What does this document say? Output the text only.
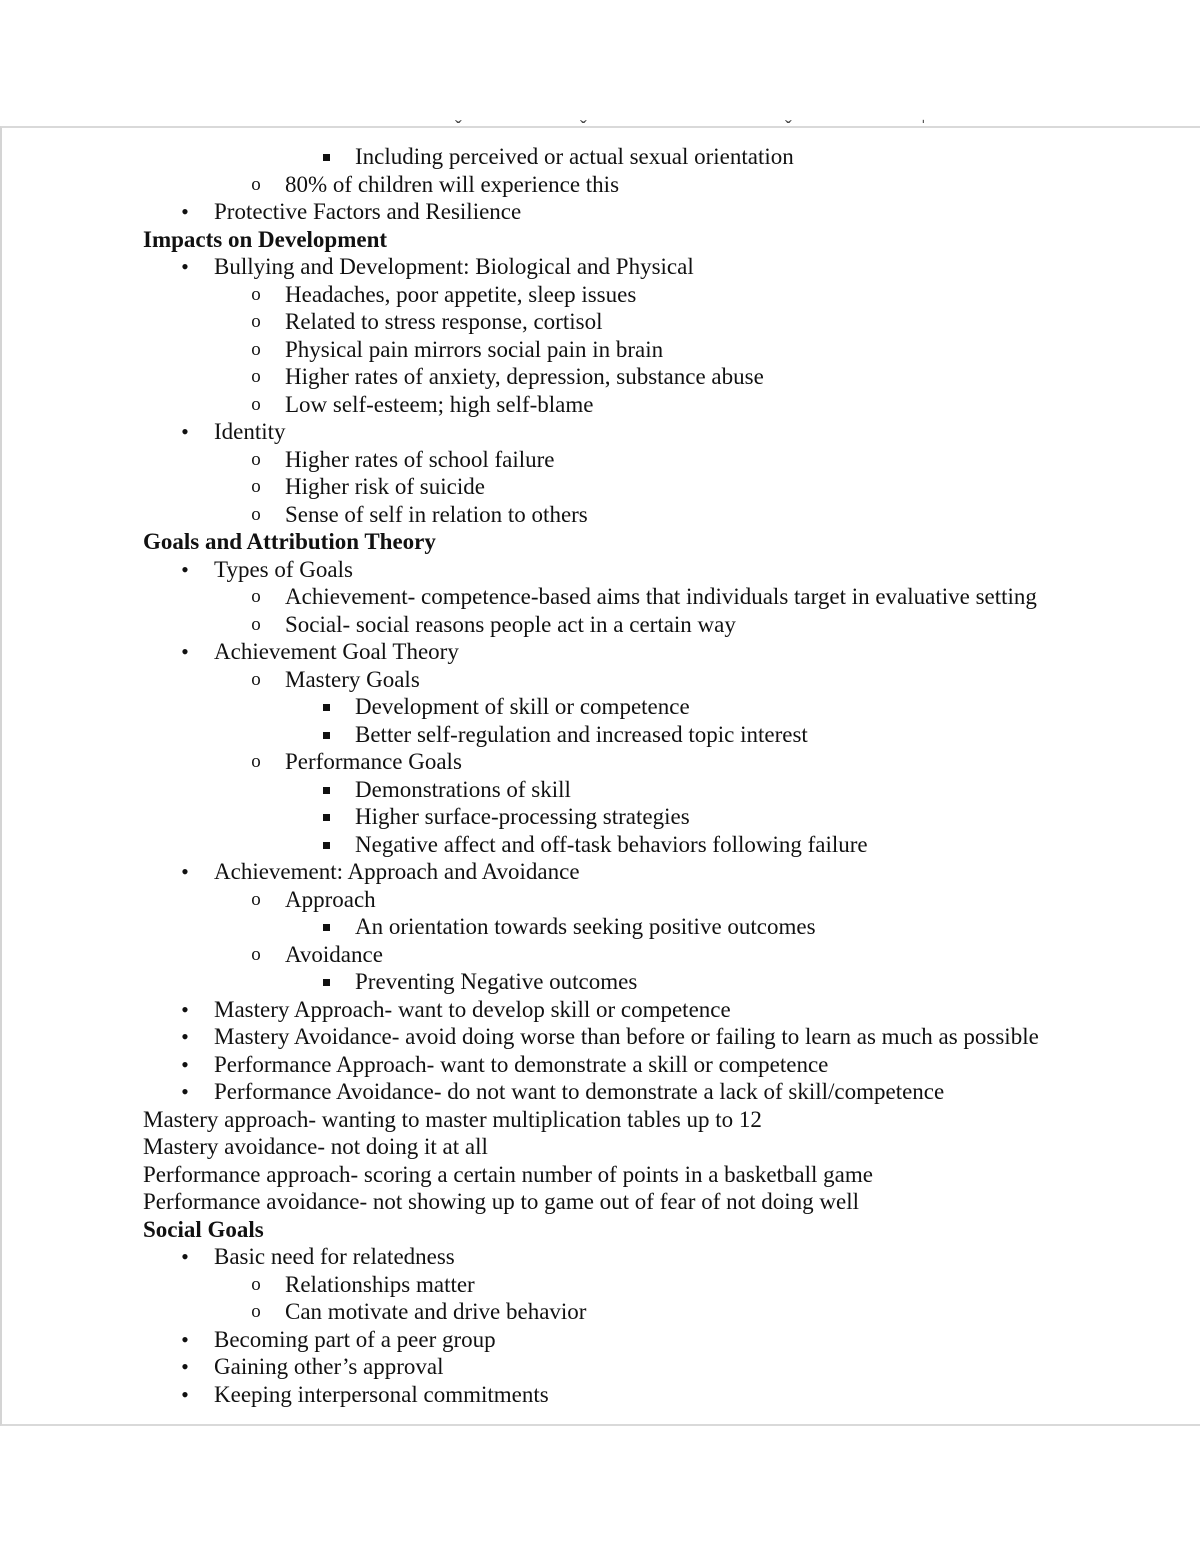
ˇ	ˇ	ˇ	ˈ
Including perceived or actual sexual orientation
o	80% of children will experience this
•	Protective Factors and Resilience
Impacts on Development
•	Bullying and Development: Biological and Physical
o	Headaches, poor appetite, sleep issues
o	Related to stress response, cortisol
o	Physical pain mirrors social pain in brain
o	Higher rates of anxiety, depression, substance abuse
o	Low self-esteem; high self-blame
•	Identity
o	Higher rates of school failure
o	Higher risk of suicide
o	Sense of self in relation to others
Goals and Attribution Theory
•	Types of Goals
o	Achievement- competence-based aims that individuals target in evaluative setting
o	Social- social reasons people act in a certain way
•	Achievement Goal Theory
o	Mastery Goals
Development of skill or competence
Better self-regulation and increased topic interest
o	Performance Goals
Demonstrations of skill
Higher surface-processing strategies
Negative affect and off-task behaviors following failure
•	Achievement: Approach and Avoidance
o	Approach
An orientation towards seeking positive outcomes
o	Avoidance
Preventing Negative outcomes
•	Mastery Approach- want to develop skill or competence
•	Mastery Avoidance- avoid doing worse than before or failing to learn as much as possible
•	Performance Approach- want to demonstrate a skill or competence
•	Performance Avoidance- do not want to demonstrate a lack of skill/competence
Mastery approach- wanting to master multiplication tables up to 12
Mastery avoidance- not doing it at all
Performance approach- scoring a certain number of points in a basketball game
Performance avoidance- not showing up to game out of fear of not doing well
Social Goals
•	Basic need for relatedness
o	Relationships matter
o	Can motivate and drive behavior
•	Becoming part of a peer group
•	Gaining other’s approval
•	Keeping interpersonal commitments
